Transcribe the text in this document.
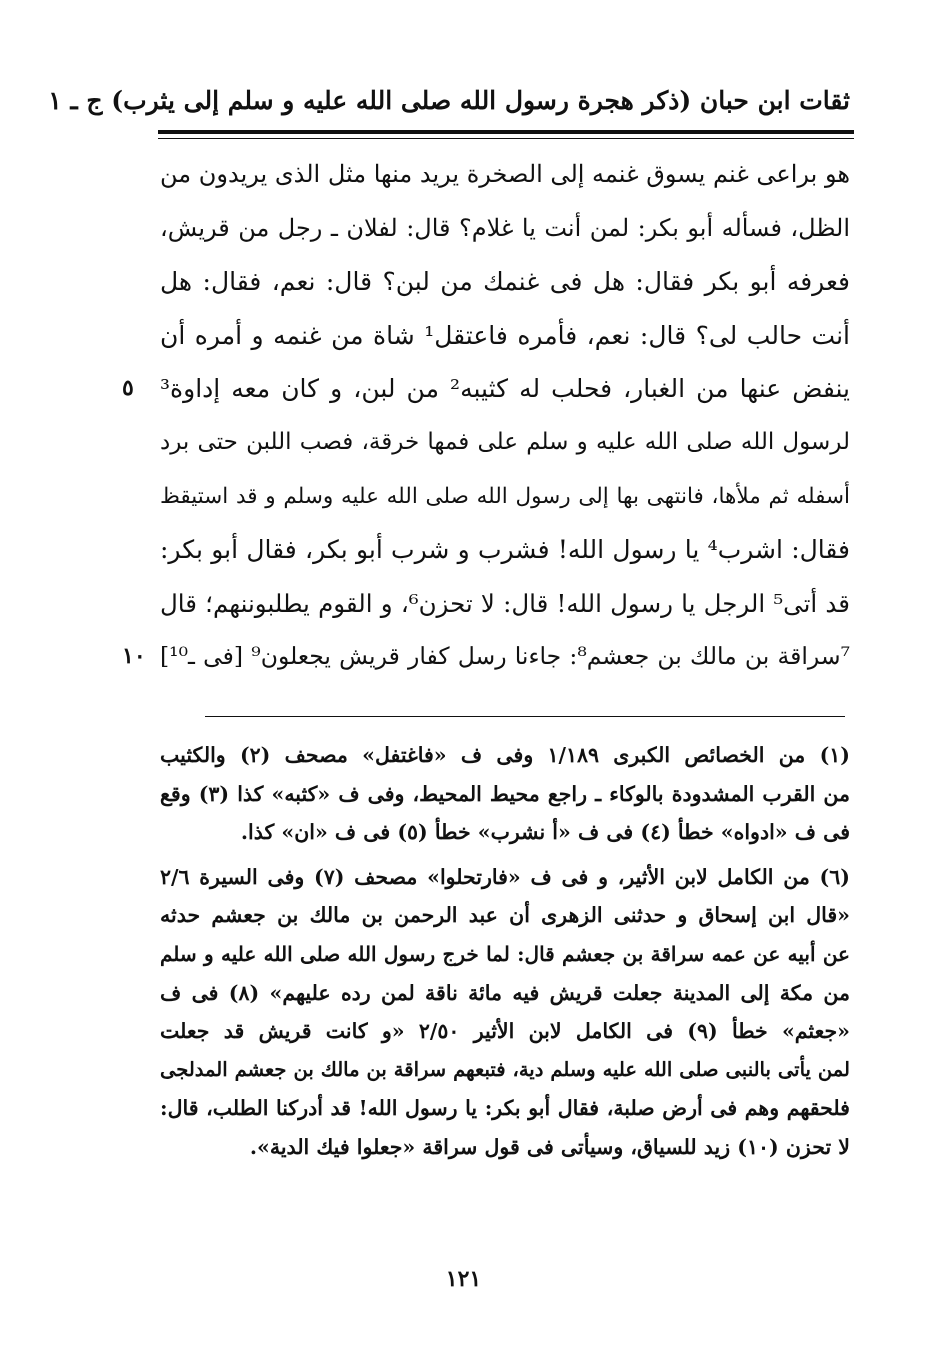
ثقات ابن حبان (ذكر هجرة رسول الله صلى الله عليه و سلم إلى يثرب) ج ـ ١
هو براعى غنم يسوق غنمه إلى الصخرة يريد منها مثل الذى يريدون من
الظل، فسأله أبو بكر: لمن أنت يا غلام؟ قال: لفلان ـ رجل من قريش،
فعرفه أبو بكر فقال: هل فى غنمك من لبن؟ قال: نعم، فقال: هل
أنت حالب لى؟ قال: نعم، فأمره فاعتقل¹ شاة من غنمه و أمره أن
ينفض عنها من الغبار، فحلب له كثيبه² من لبن، و كان معه إداوة³
٥
لرسول الله صلى الله عليه و سلم على فمها خرقة، فصب اللبن حتى برد
أسفله ثم ملأها، فانتهى بها إلى رسول الله صلى الله عليه وسلم و قد استيقظ
فقال: اشرب⁴ يا رسول الله! فشرب و شرب أبو بكر، فقال أبو بكر:
قد أتى⁵ الرجل يا رسول الله! قال: لا تحزن⁶، و القوم يطلبوننهم؛ قال
⁷سراقة بن مالك بن جعشم⁸: جاءنا رسل كفار قريش يجعلون⁹ [فى ـ¹⁰]
١٠
(١) من الخصائص الكبرى ١/١٨٩ وفى ف «فاغتفل» مصحف (٢) والكثيب
من القرب المشدودة بالوكاء ـ راجع محيط المحيط، وفى ف «كثبه» كذا (٣) وقع
فى ف «ادواه» خطأ (٤) فى ف «أ نشرب» خطأ (٥) فى ف «ان» كذا.
(٦) من الكامل لابن الأثير، و فى ف «فارتحلوا» مصحف (٧) وفى السيرة ٢/٦
«قال ابن إسحاق و حدثنى الزهرى أن عبد الرحمن بن مالك بن جعشم حدثه
عن أبيه عن عمه سراقة بن جعشم قال: لما خرج رسول الله صلى الله عليه و سلم
من مكة إلى المدينة جعلت قريش فيه مائة ناقة لمن رده عليهم» (٨) فى ف
«جعثم» خطأ (٩) فى الكامل لابن الأثير ٢/٥٠ «و كانت قريش قد جعلت
لمن يأتى بالنبى صلى الله عليه وسلم دية، فتبعهم سراقة بن مالك بن جعشم المدلجى
فلحقهم وهم فى أرض صلبة، فقال أبو بكر: يا رسول الله! قد أدركنا الطلب، قال:
لا تحزن (١٠) زيد للسياق، وسيأتى فى قول سراقة «جعلوا فيك الدية».
١٢١
